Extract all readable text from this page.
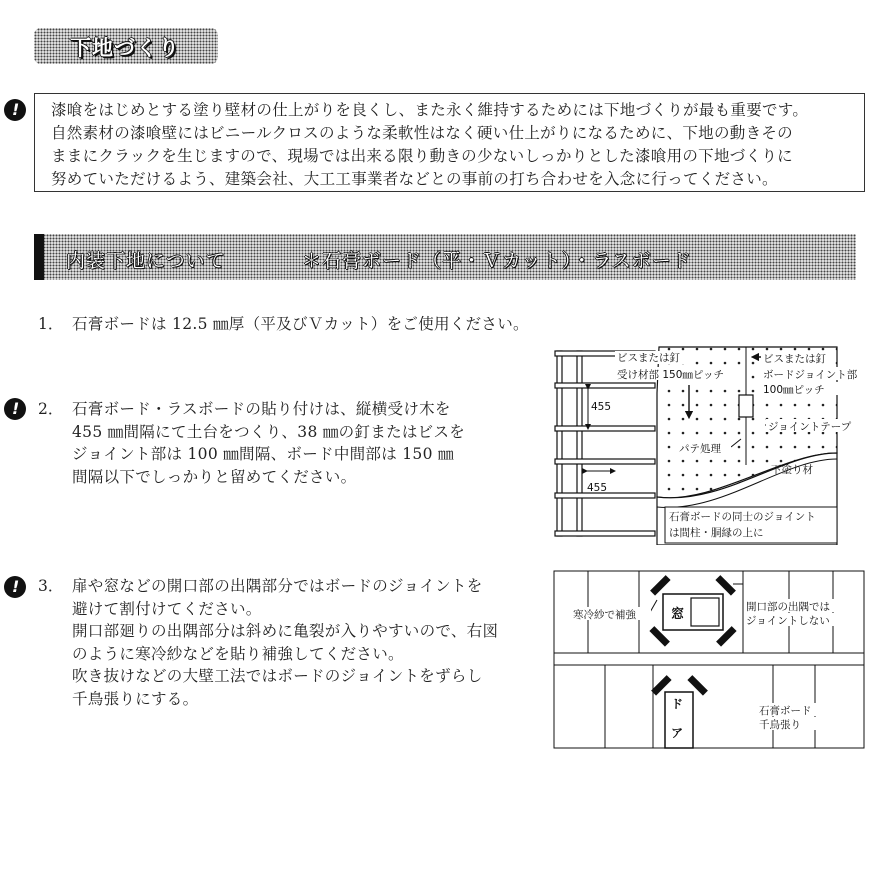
下地づくり
! 漆喰をはじめとする塗り壁材の仕上がりを良くし、また永く維持するためには下地づくりが最も重要です。
自然素材の漆喰壁にはビニールクロスのような柔軟性はなく硬い仕上がりになるために、下地の動きその
ままにクラックを生じますので、現場では出来る限り動きの少ないしっかりとした漆喰用の下地づくりに
努めていただけるよう、建築会社、大工工事業者などとの事前の打ち合わせを入念に行ってください。
内装下地について	＊石膏ボード（平・Ｖカット）・ラスボード
1． 石膏ボードは 12.5 ㎜厚（平及びＶカット）をご使用ください。
! 2． 石膏ボード・ラスボードの貼り付けは、縦横受け木を
455 ㎜間隔にて土台をつくり、38 ㎜の釘またはビスを
ジョイント部は 100 ㎜間隔、ボード中間部は 150 ㎜
間隔以下でしっかりと留めてください。
! 3． 扉や窓などの開口部の出隅部分ではボードのジョイントを
避けて割付けてください。
開口部廻りの出隅部分は斜めに亀裂が入りやすいので、右図
のように寒冷紗などを貼り補強してください。
吹き抜けなどの大壁工法ではボードのジョイントをずらし
千鳥張りにする。
455
455
ビスまたは釘
受け材部 150㎜ピッチ
ビスまたは釘
ボードジョイント部
100㎜ピッチ
ジョイントテープ
パテ処理
下塗り材
石膏ボードの同士のジョイント
は間柱・胴縁の上に
窓
ド
ア
寒冷紗で補強
開口部の出隅では
ジョイントしない
石膏ボード
千鳥張り
